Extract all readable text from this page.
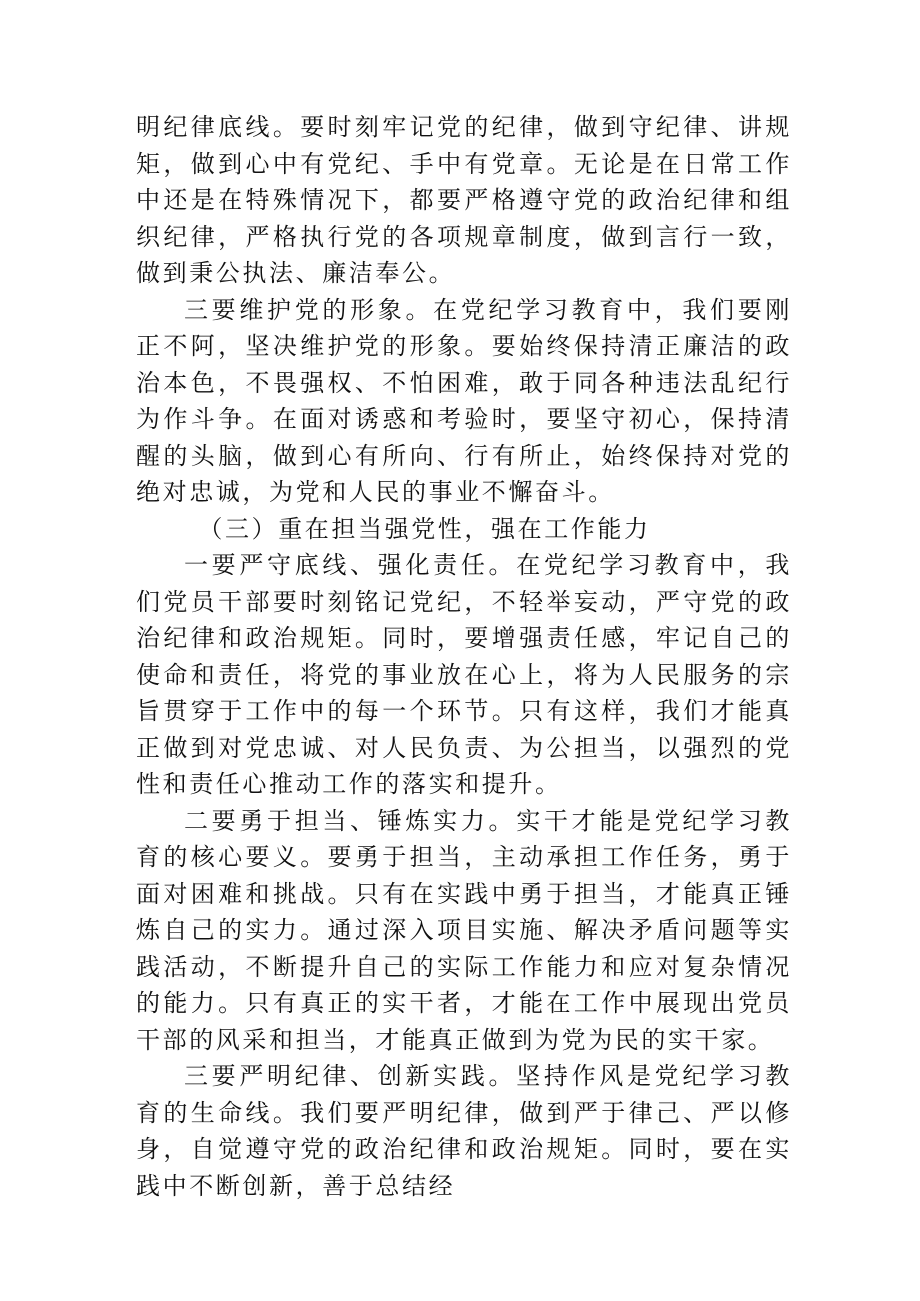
明纪律底线。要时刻牢记党的纪律，做到守纪律、讲规矩，做到心中有党纪、手中有党章。无论是在日常工作中还是在特殊情况下，都要严格遵守党的政治纪律和组织纪律，严格执行党的各项规章制度，做到言行一致，做到秉公执法、廉洁奉公。

三要维护党的形象。在党纪学习教育中，我们要刚正不阿，坚决维护党的形象。要始终保持清正廉洁的政治本色，不畏强权、不怕困难，敢于同各种违法乱纪行为作斗争。在面对诱惑和考验时，要坚守初心，保持清醒的头脑，做到心有所向、行有所止，始终保持对党的绝对忠诚，为党和人民的事业不懈奋斗。

（三）重在担当强党性，强在工作能力

一要严守底线、强化责任。在党纪学习教育中，我们党员干部要时刻铭记党纪，不轻举妄动，严守党的政治纪律和政治规矩。同时，要增强责任感，牢记自己的使命和责任，将党的事业放在心上，将为人民服务的宗旨贯穿于工作中的每一个环节。只有这样，我们才能真正做到对党忠诚、对人民负责、为公担当，以强烈的党性和责任心推动工作的落实和提升。

二要勇于担当、锤炼实力。实干才能是党纪学习教育的核心要义。要勇于担当，主动承担工作任务，勇于面对困难和挑战。只有在实践中勇于担当，才能真正锤炼自己的实力。通过深入项目实施、解决矛盾问题等实践活动，不断提升自己的实际工作能力和应对复杂情况的能力。只有真正的实干者，才能在工作中展现出党员干部的风采和担当，才能真正做到为党为民的实干家。

三要严明纪律、创新实践。坚持作风是党纪学习教育的生命线。我们要严明纪律，做到严于律己、严以修身，自觉遵守党的政治纪律和政治规矩。同时，要在实践中不断创新，善于总结经
